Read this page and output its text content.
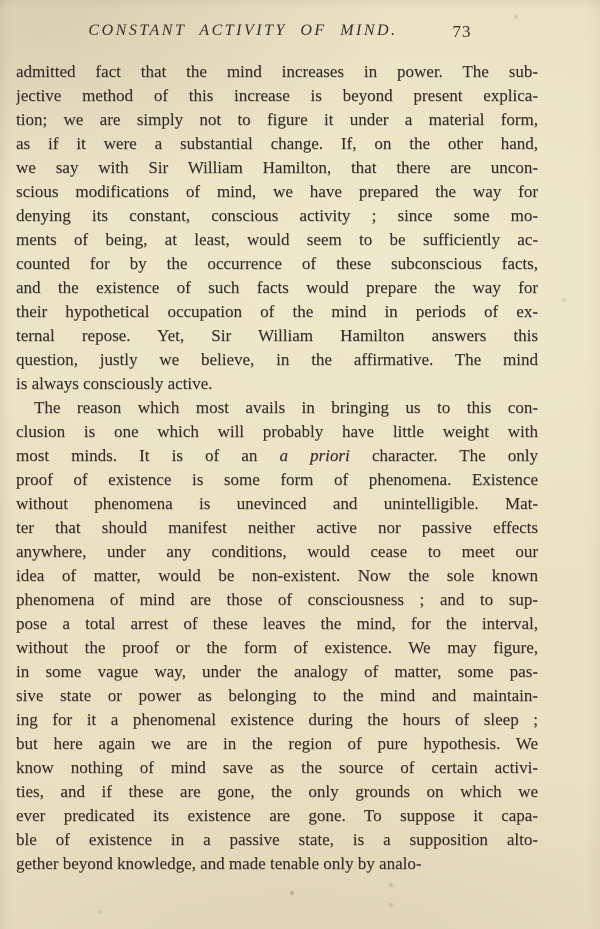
CONSTANT ACTIVITY OF MIND.	73
admitted fact that the mind increases in power. The sub-
jective method of this increase is beyond present explica-
tion; we are simply not to figure it under a material form,
as if it were a substantial change. If, on the other hand,
we say with Sir William Hamilton, that there are uncon-
scious modifications of mind, we have prepared the way for
denying its constant, conscious activity ; since some mo-
ments of being, at least, would seem to be sufficiently ac-
counted for by the occurrence of these subconscious facts,
and the existence of such facts would prepare the way for
their hypothetical occupation of the mind in periods of ex-
ternal repose. Yet, Sir William Hamilton answers this
question, justly we believe, in the affirmative. The mind
is always consciously active.
The reason which most avails in bringing us to this con-
clusion is one which will probably have little weight with
most minds. It is of an a priori character. The only
proof of existence is some form of phenomena. Existence
without phenomena is unevinced and unintelligible. Mat-
ter that should manifest neither active nor passive effects
anywhere, under any conditions, would cease to meet our
idea of matter, would be non-existent. Now the sole known
phenomena of mind are those of consciousness ; and to sup-
pose a total arrest of these leaves the mind, for the interval,
without the proof or the form of existence. We may figure,
in some vague way, under the analogy of matter, some pas-
sive state or power as belonging to the mind and maintain-
ing for it a phenomenal existence during the hours of sleep ;
but here again we are in the region of pure hypothesis. We
know nothing of mind save as the source of certain activi-
ties, and if these are gone, the only grounds on which we
ever predicated its existence are gone. To suppose it capa-
ble of existence in a passive state, is a supposition alto-
gether beyond knowledge, and made tenable only by analo-
